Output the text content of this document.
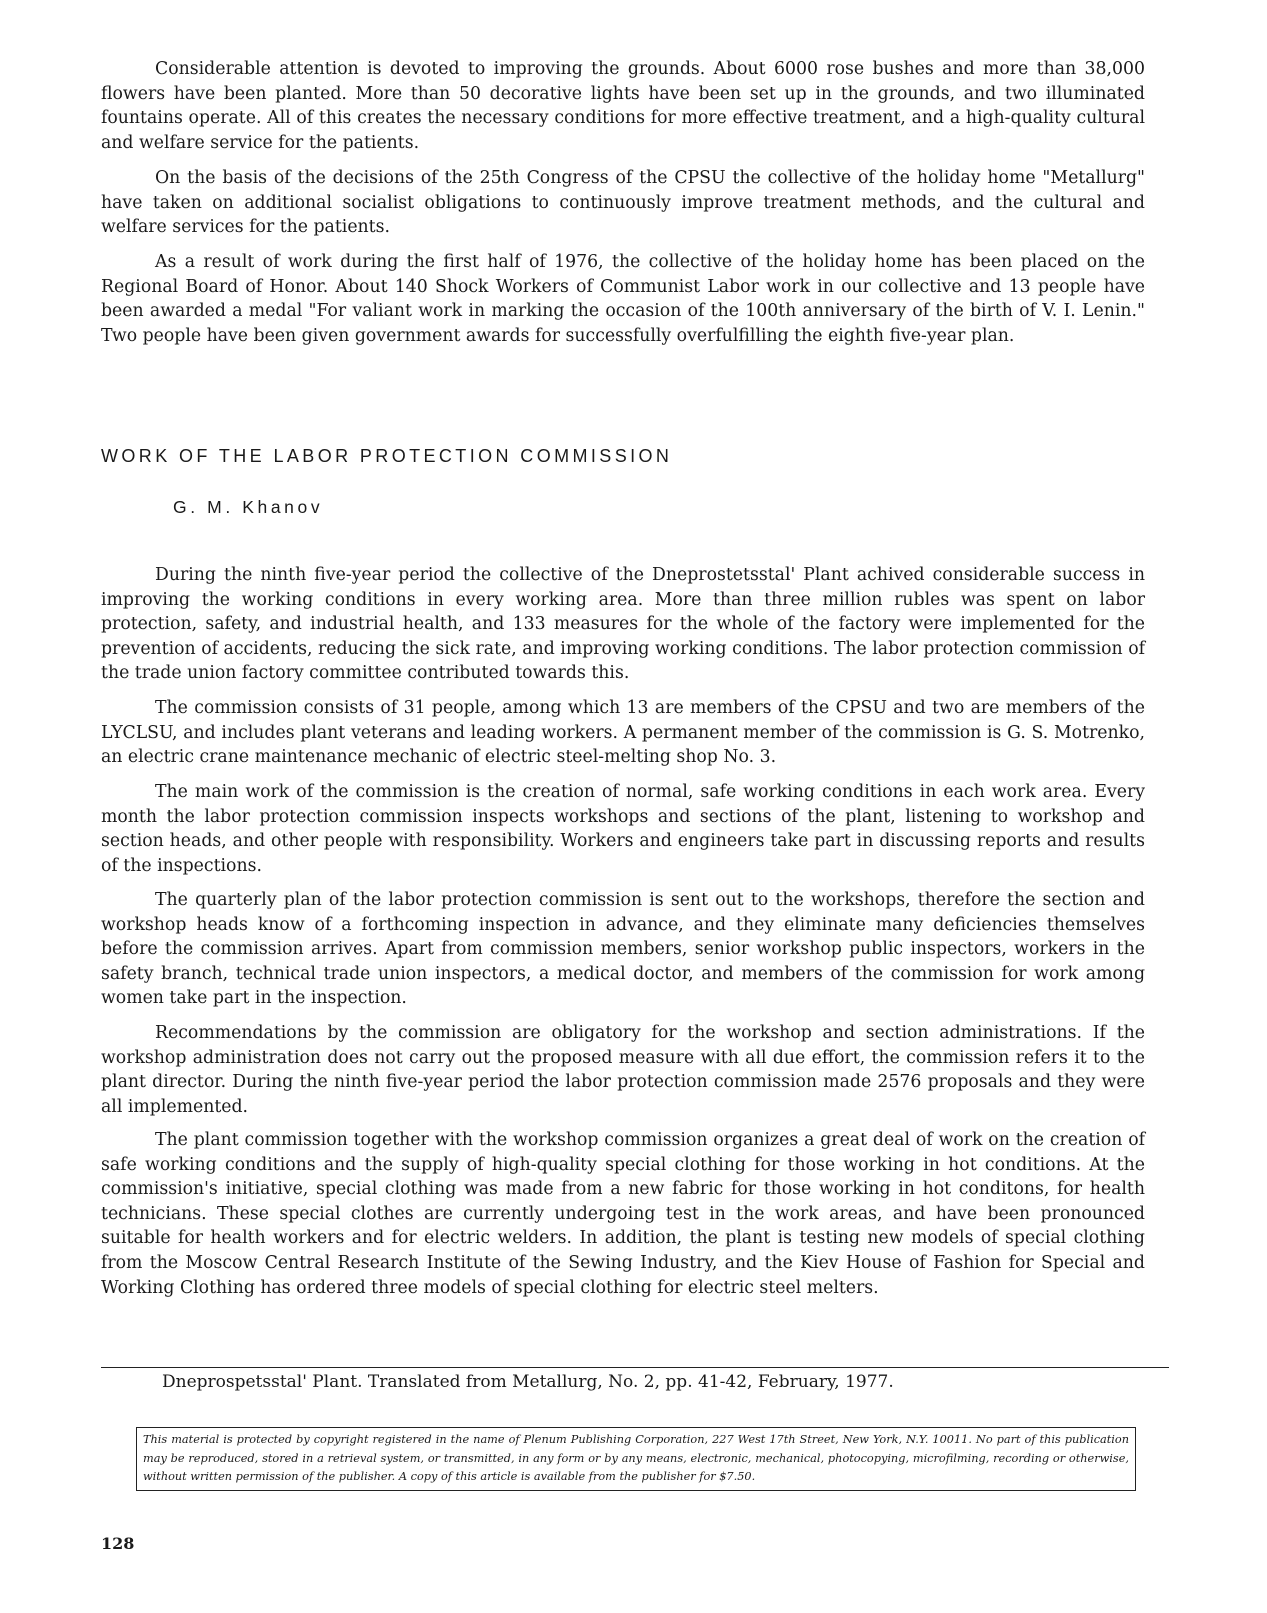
Considerable attention is devoted to improving the grounds. About 6000 rose bushes and more than 38,000 flowers have been planted. More than 50 decorative lights have been set up in the grounds, and two illuminated fountains operate. All of this creates the necessary conditions for more effective treatment, and a high-quality cultural and welfare service for the patients.

On the basis of the decisions of the 25th Congress of the CPSU the collective of the holiday home "Metallurg" have taken on additional socialist obligations to continuously improve treatment methods, and the cultural and welfare services for the patients.

As a result of work during the first half of 1976, the collective of the holiday home has been placed on the Regional Board of Honor. About 140 Shock Workers of Communist Labor work in our collective and 13 people have been awarded a medal "For valiant work in marking the occasion of the 100th anniversary of the birth of V. I. Lenin." Two people have been given government awards for successfully overfulfilling the eighth five-year plan.

WORK OF THE LABOR PROTECTION COMMISSION

G. M. Khanov

During the ninth five-year period the collective of the Dneprostetsstal' Plant achived considerable success in improving the working conditions in every working area. More than three million rubles was spent on labor protection, safety, and industrial health, and 133 measures for the whole of the factory were implemented for the prevention of accidents, reducing the sick rate, and improving working conditions. The labor protection commission of the trade union factory committee contributed towards this.

The commission consists of 31 people, among which 13 are members of the CPSU and two are members of the LYCLSU, and includes plant veterans and leading workers. A permanent member of the commission is G. S. Motrenko, an electric crane maintenance mechanic of electric steel-melting shop No. 3.

The main work of the commission is the creation of normal, safe working conditions in each work area. Every month the labor protection commission inspects workshops and sections of the plant, listening to workshop and section heads, and other people with responsibility. Workers and engineers take part in discussing reports and results of the inspections.

The quarterly plan of the labor protection commission is sent out to the workshops, therefore the section and workshop heads know of a forthcoming inspection in advance, and they eliminate many deficiencies themselves before the commission arrives. Apart from commission members, senior workshop public inspectors, workers in the safety branch, technical trade union inspectors, a medical doctor, and members of the commission for work among women take part in the inspection.

Recommendations by the commission are obligatory for the workshop and section administrations. If the workshop administration does not carry out the proposed measure with all due effort, the commission refers it to the plant director. During the ninth five-year period the labor protection commission made 2576 proposals and they were all implemented.

The plant commission together with the workshop commission organizes a great deal of work on the creation of safe working conditions and the supply of high-quality special clothing for those working in hot conditions. At the commission's initiative, special clothing was made from a new fabric for those working in hot conditons, for health technicians. These special clothes are currently undergoing test in the work areas, and have been pronounced suitable for health workers and for electric welders. In addition, the plant is testing new models of special clothing from the Moscow Central Research Institute of the Sewing Industry, and the Kiev House of Fashion for Special and Working Clothing has ordered three models of special clothing for electric steel melters.

Dneprospetsstal' Plant. Translated from Metallurg, No. 2, pp. 41-42, February, 1977.

This material is protected by copyright registered in the name of Plenum Publishing Corporation, 227 West 17th Street, New York, N.Y. 10011. No part of this publication may be reproduced, stored in a retrieval system, or transmitted, in any form or by any means, electronic, mechanical, photocopying, microfilming, recording or otherwise, without written permission of the publisher. A copy of this article is available from the publisher for $7.50.

128
